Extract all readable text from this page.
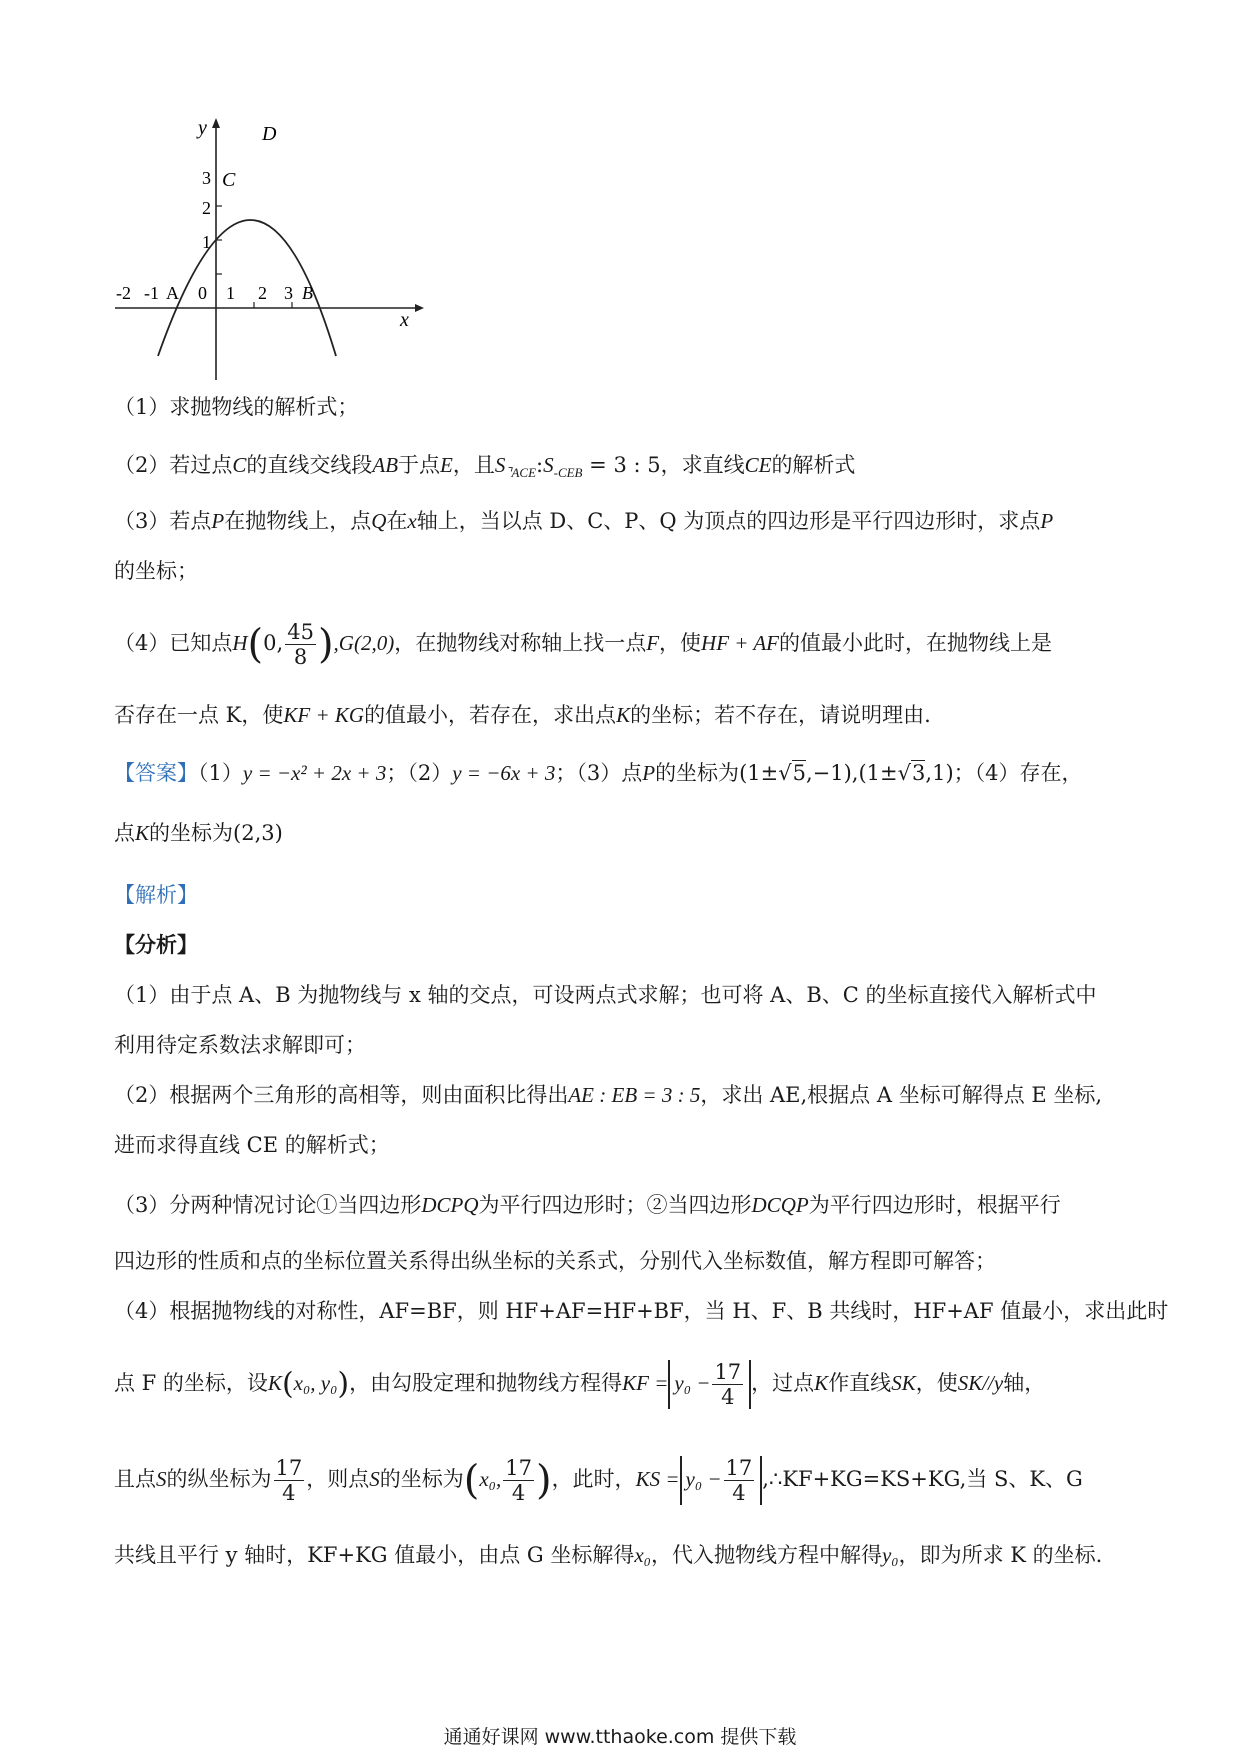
y
x
D
C
3
2
1
-2 -1 A 0 1 2 3 B
（1）求抛物线的解析式；
（2）若过点C的直线交线段AB于点E，且$S_{⌝ACE}:S_{-CEB} = 3$ : 5，求直线CE的解析式
（3）若点P在抛物线上，点Q在x轴上，当以点 D、C、P、Q 为顶点的四边形是平行四边形时，求点P
的坐标；
（4）已知点H(0, $\frac{45}{8} ),G(2,0)$，在抛物线对称轴上找一点F，使HF + AF的值最小此时，在抛物线上是
否存在一点 K，使KF + KG的值最小，若存在，求出点K的坐标；若不存在，请说明理由.
【答案】（1）y = −x² + 2x + 3；（2）y = −6x + 3；（3）点P的坐标为(1±√5,−1),(1±√3,1)；（4）存在，
点K的坐标为(2,3)
【解析】
【分析】
（1）由于点 A、B 为抛物线与 x 轴的交点，可设两点式求解；也可将 A、B、C 的坐标直接代入解析式中
利用待定系数法求解即可；
（2）根据两个三角形的高相等，则由面积比得出AE : EB = 3 : 5，求出 AE,根据点 A 坐标可解得点 E 坐标,
进而求得直线 CE 的解析式；
（3）分两种情况讨论①当四边形DCPQ为平行四边形时；②当四边形DCQP为平行四边形时，根据平行
四边形的性质和点的坐标位置关系得出纵坐标的关系式，分别代入坐标数值，解方程即可解答；
（4）根据抛物线的对称性，AF=BF，则 HF+AF=HF+BF，当 H、F、B 共线时，HF+AF 值最小，求出此时
点 F 的坐标，设K(x₀, y₀)，由勾股定理和抛物线方程得KF = $y_0 - \frac{17}{4}$ ，过点K作直线SK，使SK//y轴，
且点S的纵坐标为 $\frac{17}{4}$ ，则点S的坐标为(x₀, $\frac{17}{4}$ )，此时，KS = $y_0 - \frac{17}{4}$ ,∴KF+KG=KS+KG,当 S、K、G
共线且平行 y 轴时，KF+KG 值最小，由点 G 坐标解得x₀，代入抛物线方程中解得y₀，即为所求 K 的坐标.
通通好课网 www.tthaoke.com 提供下载
